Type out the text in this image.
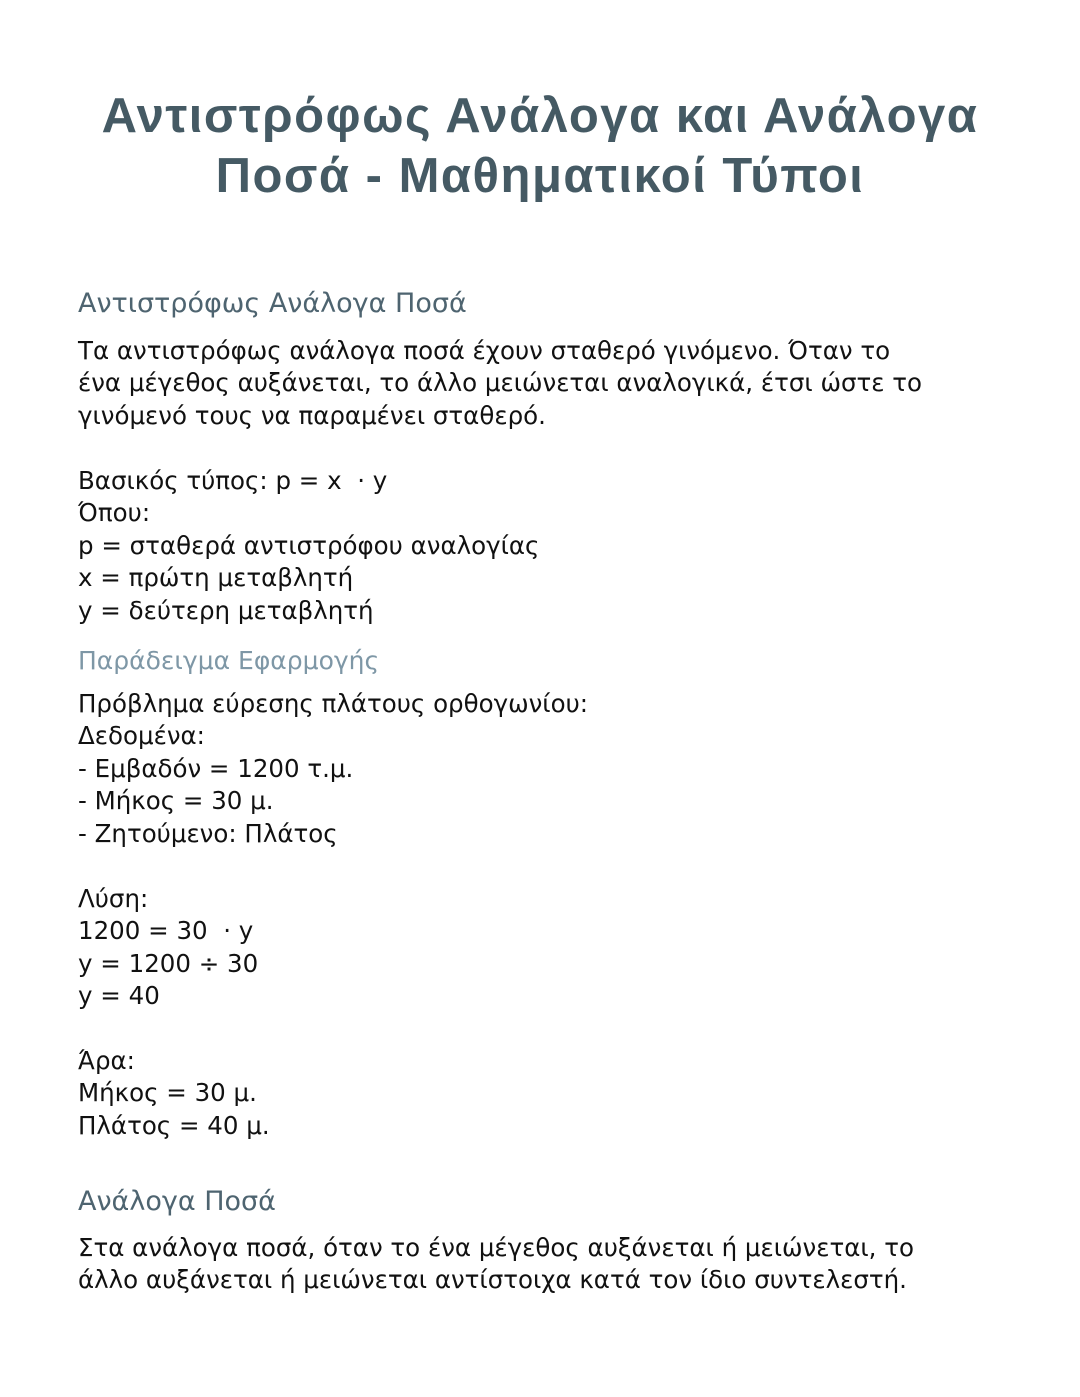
Αντιστρόφως Ανάλογα και Ανάλογα
Ποσά - Μαθηματικοί Τύποι
Αντιστρόφως Ανάλογα Ποσά

Τα αντιστρόφως ανάλογα ποσά έχουν σταθερό γινόμενο. Όταν το
ένα μέγεθος αυξάνεται, το άλλο μειώνεται αναλογικά, έτσι ώστε το
γινόμενό τους να παραμένει σταθερό.

Βασικός τύπος: p = x  · y
Όπου:
p = σταθερά αντιστρόφου αναλογίας
x = πρώτη μεταβλητή
y = δεύτερη μεταβλητή
Παράδειγμα Εφαρμογής
Πρόβλημα εύρεσης πλάτους ορθογωνίου:
Δεδομένα:
- Εμβαδόν = 1200 τ.μ.
- Μήκος = 30 μ.
- Ζητούμενο: Πλάτος
Λύση:
1200 = 30  · y
y = 1200 ÷ 30
y = 40
Άρα:
Μήκος = 30 μ.
Πλάτος = 40 μ.
Ανάλογα Ποσά

Στα ανάλογα ποσά, όταν το ένα μέγεθος αυξάνεται ή μειώνεται, το
άλλο αυξάνεται ή μειώνεται αντίστοιχα κατά τον ίδιο συντελεστή.
